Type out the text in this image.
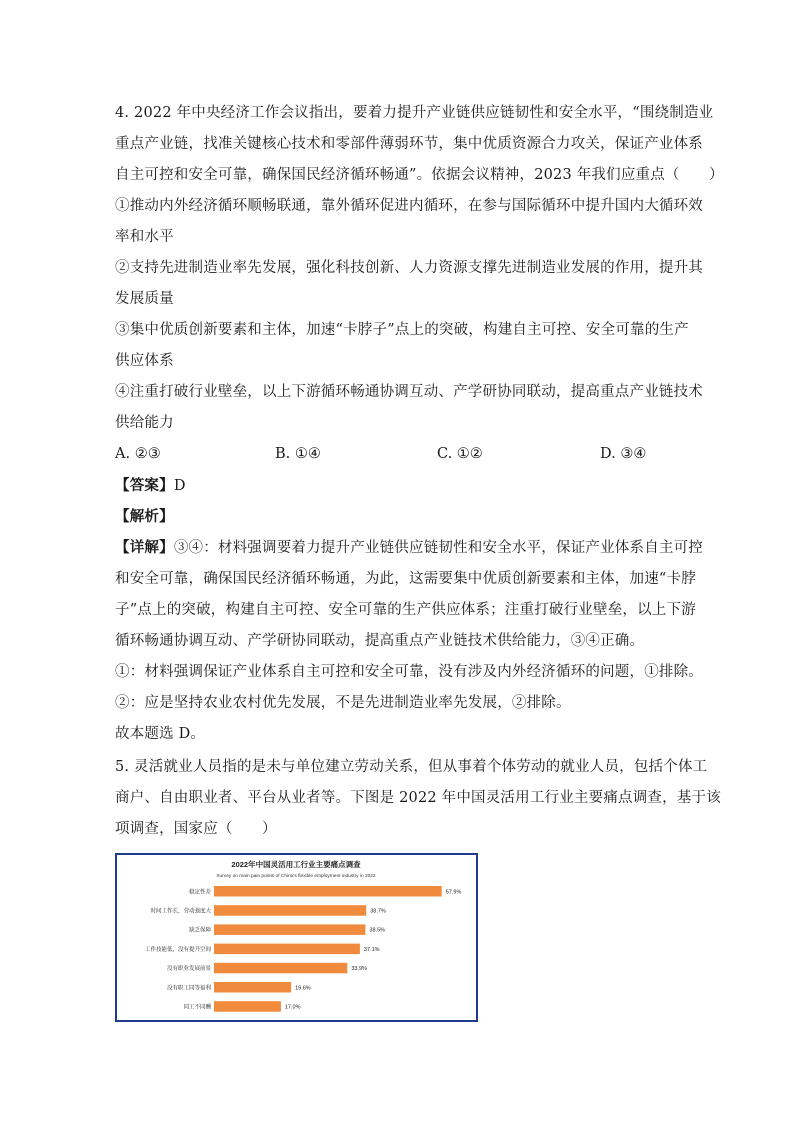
4. 2022 年中央经济工作会议指出，要着力提升产业链供应链韧性和安全水平，“围绕制造业
重点产业链，找准关键核心技术和零部件薄弱环节，集中优质资源合力攻关，保证产业体系
自主可控和安全可靠，确保国民经济循环畅通”。依据会议精神，2023 年我们应重点（　　）
①推动内外经济循环顺畅联通，靠外循环促进内循环，在参与国际循环中提升国内大循环效
率和水平
②支持先进制造业率先发展，强化科技创新、人力资源支撑先进制造业发展的作用，提升其
发展质量
③集中优质创新要素和主体，加速“卡脖子”点上的突破，构建自主可控、安全可靠的生产
供应体系
④注重打破行业壁垒，以上下游循环畅通协调互动、产学研协同联动，提高重点产业链技术
供给能力
A. ②③	B. ①④	C. ①②	D. ③④
【答案】D
【解析】
【详解】③④：材料强调要着力提升产业链供应链韧性和安全水平，保证产业体系自主可控
和安全可靠，确保国民经济循环畅通，为此，这需要集中优质创新要素和主体，加速“卡脖
子”点上的突破，构建自主可控、安全可靠的生产供应体系；注重打破行业壁垒，以上下游
循环畅通协调互动、产学研协同联动，提高重点产业链技术供给能力，③④正确。
①：材料强调保证产业体系自主可控和安全可靠，没有涉及内外经济循环的问题，①排除。
②：应是坚持农业农村优先发展，不是先进制造业率先发展，②排除。
故本题选 D。
5. 灵活就业人员指的是未与单位建立劳动关系，但从事着个体劳动的就业人员，包括个体工
商户、自由职业者、平台从业者等。下图是 2022 年中国灵活用工行业主要痛点调查，基于该
项调查，国家应（　　）
2022年中国灵活用工行业主要痛点调查
Survey on main pain points of China's flexible employment industry in 2022
稳定性差	57.9%
时间工作长，劳动强度大	38.7%
缺乏保障	38.5%
工作技能低，没有提升空间	37.1%
没有职业发展前景	33.9%
没有职工同等福利	19.6%
同工不同酬	17.0%
